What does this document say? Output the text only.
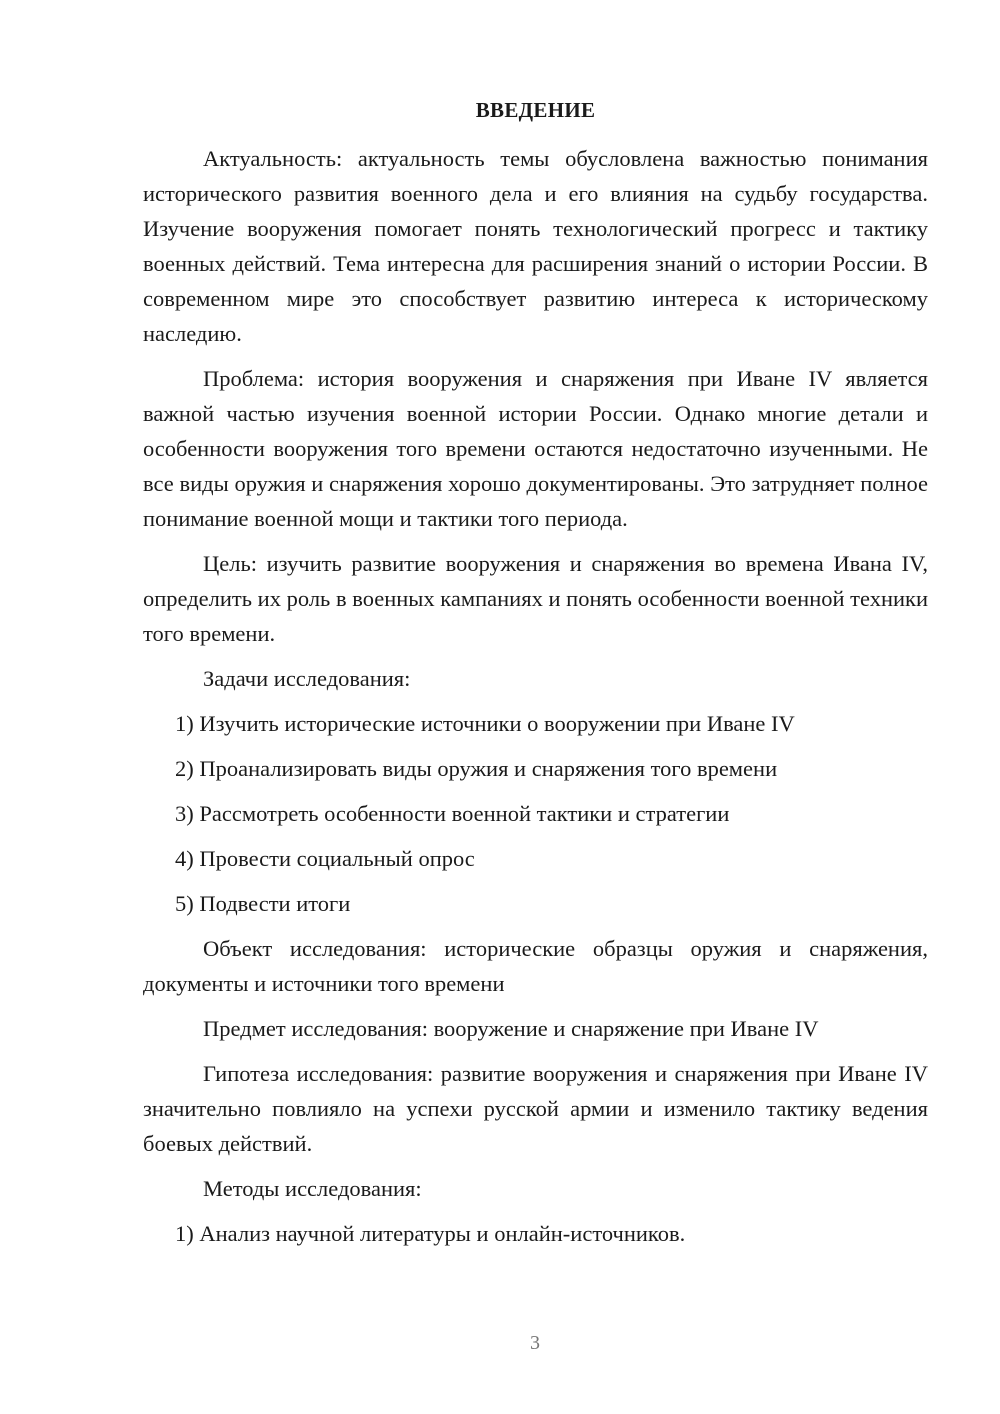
ВВЕДЕНИЕ

Актуальность: актуальность темы обусловлена важностью понимания исторического развития военного дела и его влияния на судьбу государства. Изучение вооружения помогает понять технологический прогресс и тактику военных действий. Тема интересна для расширения знаний о истории России. В современном мире это способствует развитию интереса к историческому наследию.

Проблема: история вооружения и снаряжения при Иване IV является важной частью изучения военной истории России. Однако многие детали и особенности вооружения того времени остаются недостаточно изученными. Не все виды оружия и снаряжения хорошо документированы. Это затрудняет полное понимание военной мощи и тактики того периода.

Цель: изучить развитие вооружения и снаряжения во времена Ивана IV, определить их роль в военных кампаниях и понять особенности военной техники того времени.

Задачи исследования:

1) Изучить исторические источники о вооружении при Иване IV

2) Проанализировать виды оружия и снаряжения того времени

3) Рассмотреть особенности военной тактики и стратегии

4) Провести социальный опрос

5) Подвести итоги

Объект исследования: исторические образцы оружия и снаряжения, документы и источники того времени

Предмет исследования: вооружение и снаряжение при Иване IV

Гипотеза исследования: развитие вооружения и снаряжения при Иване IV значительно повлияло на успехи русской армии и изменило тактику ведения боевых действий.

Методы исследования:

1) Анализ научной литературы и онлайн-источников.

3
